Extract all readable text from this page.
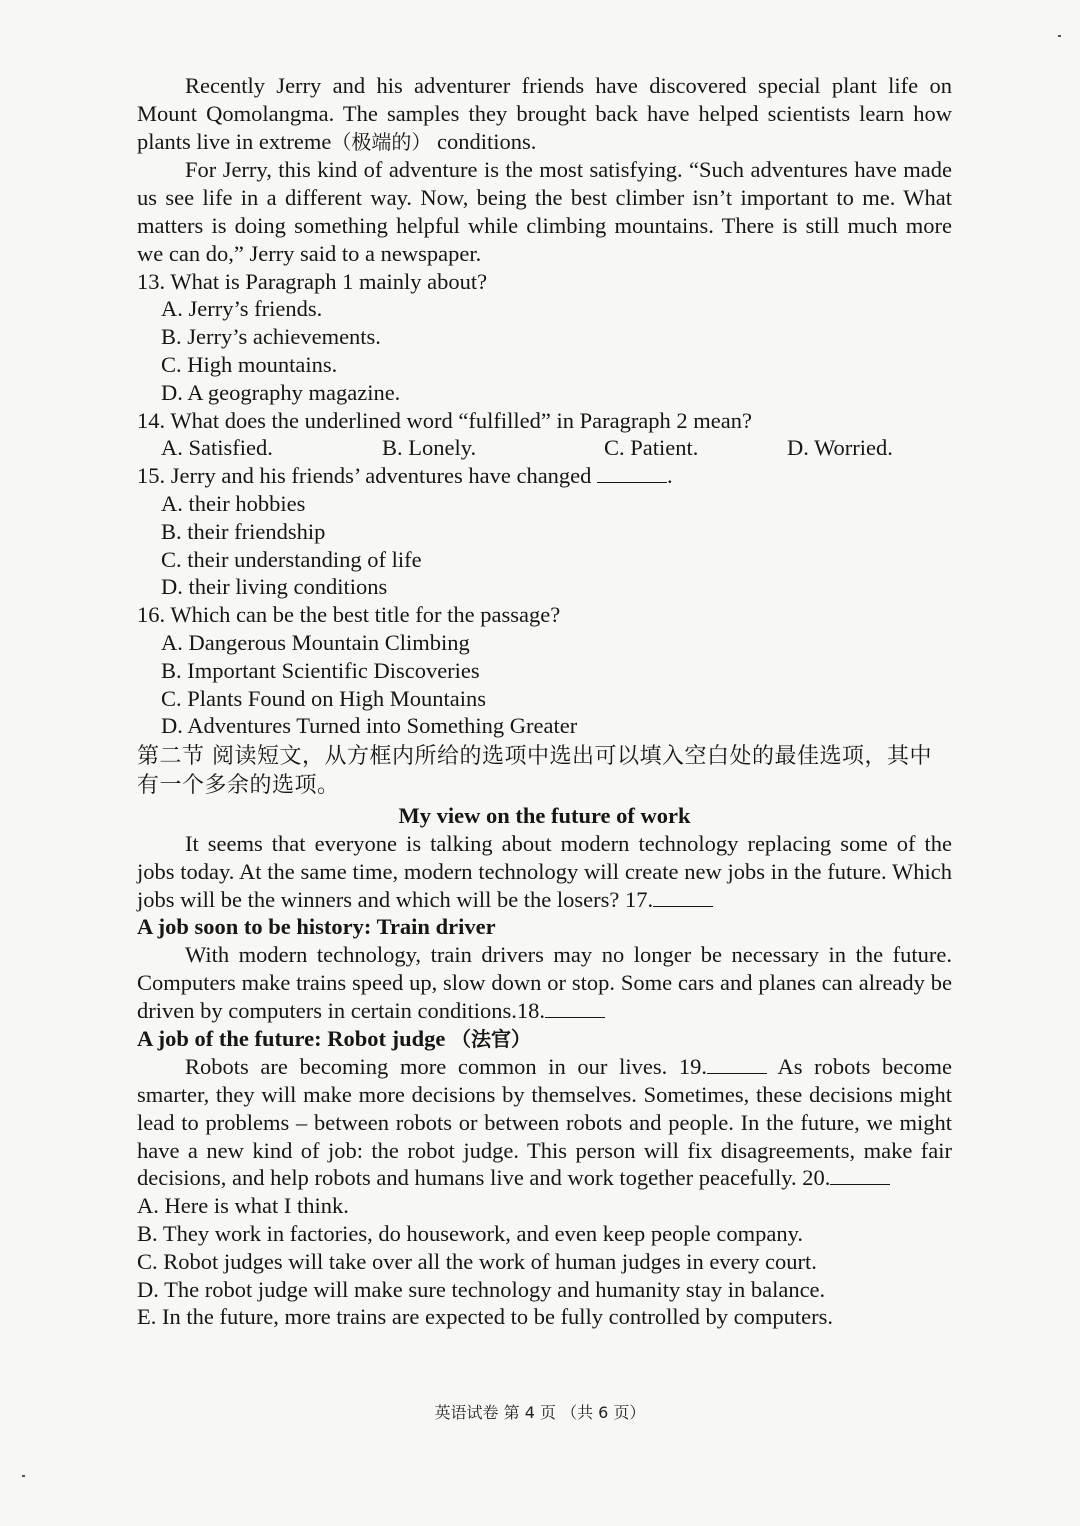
Recently Jerry and his adventurer friends have discovered special plant life on Mount Qomolangma. The samples they brought back have helped scientists learn how plants live in extreme（极端的） conditions.

For Jerry, this kind of adventure is the most satisfying. “Such adventures have made us see life in a different way. Now, being the best climber isn’t important to me. What matters is doing something helpful while climbing mountains. There is still much more we can do,” Jerry said to a newspaper.

13. What is Paragraph 1 mainly about?

A. Jerry’s friends.

B. Jerry’s achievements.

C. High mountains.

D. A geography magazine.

14. What does the underlined word “fulfilled” in Paragraph 2 mean?

A. Satisfied.	B. Lonely.	C. Patient.	D. Worried.

15. Jerry and his friends’ adventures have changed	.

A. their hobbies

B. their friendship

C. their understanding of life

D. their living conditions

16. Which can be the best title for the passage?

A. Dangerous Mountain Climbing

B. Important Scientific Discoveries

C. Plants Found on High Mountains

D. Adventures Turned into Something Greater

第二节 阅读短文，从方框内所给的选项中选出可以填入空白处的最佳选项，其中有一个多余的选项。

My view on the future of work

It seems that everyone is talking about modern technology replacing some of the jobs today. At the same time, modern technology will create new jobs in the future. Which jobs will be the winners and which will be the losers? 17.

A job soon to be history: Train driver

With modern technology, train drivers may no longer be necessary in the future. Computers make trains speed up, slow down or stop. Some cars and planes can already be driven by computers in certain conditions.18.

A job of the future: Robot judge （法官）

Robots are becoming more common in our lives. 19.	As robots become smarter, they will make more decisions by themselves. Sometimes, these decisions might lead to problems – between robots or between robots and people. In the future, we might have a new kind of job: the robot judge. This person will fix disagreements, make fair decisions, and help robots and humans live and work together peacefully. 20.

A. Here is what I think.

B. They work in factories, do housework, and even keep people company.

C. Robot judges will take over all the work of human judges in every court.

D. The robot judge will make sure technology and humanity stay in balance.

E. In the future, more trains are expected to be fully controlled by computers.

英语试卷 第 4 页 （共 6 页）
